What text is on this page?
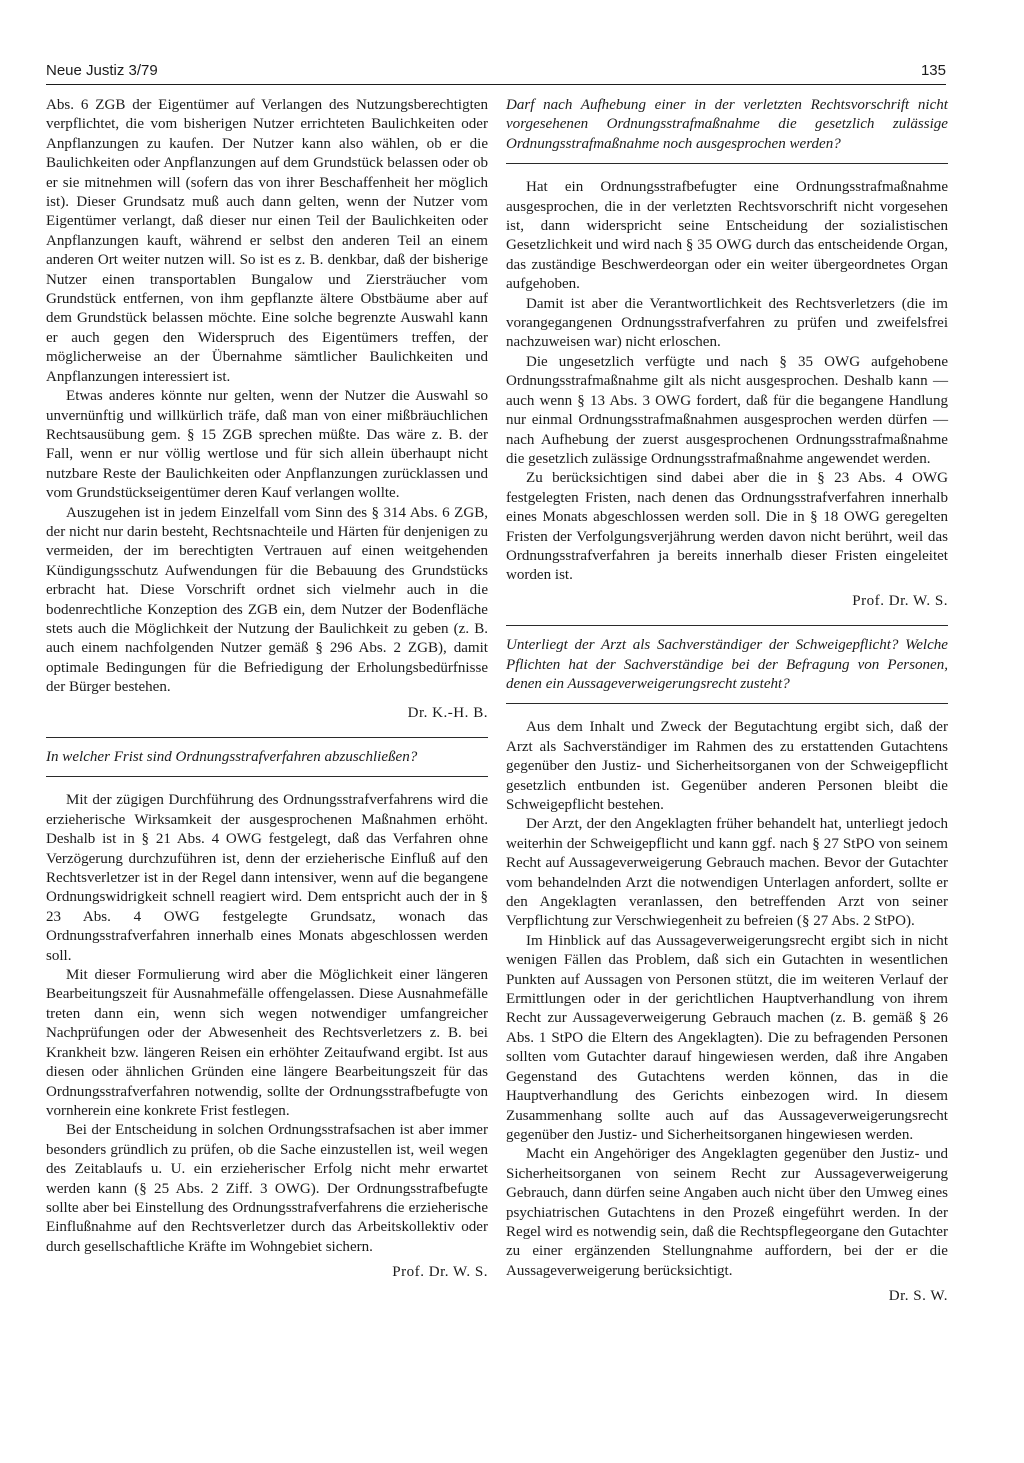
Neue Justiz 3/79	135

Abs. 6 ZGB der Eigentümer auf Verlangen des Nutzungsberechtigten verpflichtet, die vom bisherigen Nutzer errichteten Baulichkeiten oder Anpflanzungen zu kaufen. Der Nutzer kann also wählen, ob er die Baulichkeiten oder Anpflanzungen auf dem Grundstück belassen oder ob er sie mitnehmen will (sofern das von ihrer Beschaffenheit her möglich ist). Dieser Grundsatz muß auch dann gelten, wenn der Nutzer vom Eigentümer verlangt, daß dieser nur einen Teil der Baulichkeiten oder Anpflanzungen kauft, während er selbst den anderen Teil an einem anderen Ort weiter nutzen will. So ist es z. B. denkbar, daß der bisherige Nutzer einen transportablen Bungalow und Ziersträucher vom Grundstück entfernen, von ihm gepflanzte ältere Obstbäume aber auf dem Grundstück belassen möchte. Eine solche begrenzte Auswahl kann er auch gegen den Widerspruch des Eigentümers treffen, der möglicherweise an der Übernahme sämtlicher Baulichkeiten und Anpflanzungen interessiert ist.

Etwas anderes könnte nur gelten, wenn der Nutzer die Auswahl so unvernünftig und willkürlich träfe, daß man von einer mißbräuchlichen Rechtsausübung gem. § 15 ZGB sprechen müßte. Das wäre z. B. der Fall, wenn er nur völlig wertlose und für sich allein überhaupt nicht nutzbare Reste der Baulichkeiten oder Anpflanzungen zurücklassen und vom Grundstückseigentümer deren Kauf verlangen wollte.

Auszugehen ist in jedem Einzelfall vom Sinn des § 314 Abs. 6 ZGB, der nicht nur darin besteht, Rechtsnachteile und Härten für denjenigen zu vermeiden, der im berechtigten Vertrauen auf einen weitgehenden Kündigungsschutz Aufwendungen für die Bebauung des Grundstücks erbracht hat. Diese Vorschrift ordnet sich vielmehr auch in die bodenrechtliche Konzeption des ZGB ein, dem Nutzer der Bodenfläche stets auch die Möglichkeit der Nutzung der Baulichkeit zu geben (z. B. auch einem nachfolgenden Nutzer gemäß § 296 Abs. 2 ZGB), damit optimale Bedingungen für die Befriedigung der Erholungsbedürfnisse der Bürger bestehen.

Dr. K.-H. B.

In welcher Frist sind Ordnungsstrafverfahren abzuschließen?

Mit der zügigen Durchführung des Ordnungsstrafverfahrens wird die erzieherische Wirksamkeit der ausgesprochenen Maßnahmen erhöht. Deshalb ist in § 21 Abs. 4 OWG festgelegt, daß das Verfahren ohne Verzögerung durchzuführen ist, denn der erzieherische Einfluß auf den Rechtsverletzer ist in der Regel dann intensiver, wenn auf die begangene Ordnungswidrigkeit schnell reagiert wird. Dem entspricht auch der in § 23 Abs. 4 OWG festgelegte Grundsatz, wonach das Ordnungsstrafverfahren innerhalb eines Monats abgeschlossen werden soll.

Mit dieser Formulierung wird aber die Möglichkeit einer längeren Bearbeitungszeit für Ausnahmefälle offengelassen. Diese Ausnahmefälle treten dann ein, wenn sich wegen notwendiger umfangreicher Nachprüfungen oder der Abwesenheit des Rechtsverletzers z. B. bei Krankheit bzw. längeren Reisen ein erhöhter Zeitaufwand ergibt. Ist aus diesen oder ähnlichen Gründen eine längere Bearbeitungszeit für das Ordnungsstrafverfahren notwendig, sollte der Ordnungsstrafbefugte von vornherein eine konkrete Frist festlegen.

Bei der Entscheidung in solchen Ordnungsstrafsachen ist aber immer besonders gründlich zu prüfen, ob die Sache einzustellen ist, weil wegen des Zeitablaufs u. U. ein erzieherischer Erfolg nicht mehr erwartet werden kann (§ 25 Abs. 2 Ziff. 3 OWG). Der Ordnungsstrafbefugte sollte aber bei Einstellung des Ordnungsstrafverfahrens die erzieherische Einflußnahme auf den Rechtsverletzer durch das Arbeitskollektiv oder durch gesellschaftliche Kräfte im Wohngebiet sichern.

Prof. Dr. W. S.

Darf nach Aufhebung einer in der verletzten Rechtsvorschrift nicht vorgesehenen Ordnungsstrafmaßnahme die gesetzlich zulässige Ordnungsstrafmaßnahme noch ausgesprochen werden?

Hat ein Ordnungsstrafbefugter eine Ordnungsstrafmaßnahme ausgesprochen, die in der verletzten Rechtsvorschrift nicht vorgesehen ist, dann widerspricht seine Entscheidung der sozialistischen Gesetzlichkeit und wird nach § 35 OWG durch das entscheidende Organ, das zuständige Beschwerdeorgan oder ein weiter übergeordnetes Organ aufgehoben.

Damit ist aber die Verantwortlichkeit des Rechtsverletzers (die im vorangegangenen Ordnungsstrafverfahren zu prüfen und zweifelsfrei nachzuweisen war) nicht erloschen.

Die ungesetzlich verfügte und nach § 35 OWG aufgehobene Ordnungsstrafmaßnahme gilt als nicht ausgesprochen. Deshalb kann — auch wenn § 13 Abs. 3 OWG fordert, daß für die begangene Handlung nur einmal Ordnungsstrafmaßnahmen ausgesprochen werden dürfen — nach Aufhebung der zuerst ausgesprochenen Ordnungsstrafmaßnahme die gesetzlich zulässige Ordnungsstrafmaßnahme angewendet werden.

Zu berücksichtigen sind dabei aber die in § 23 Abs. 4 OWG festgelegten Fristen, nach denen das Ordnungsstrafverfahren innerhalb eines Monats abgeschlossen werden soll. Die in § 18 OWG geregelten Fristen der Verfolgungsverjährung werden davon nicht berührt, weil das Ordnungsstrafverfahren ja bereits innerhalb dieser Fristen eingeleitet worden ist.

Prof. Dr. W. S.

Unterliegt der Arzt als Sachverständiger der Schweigepflicht? Welche Pflichten hat der Sachverständige bei der Befragung von Personen, denen ein Aussageverweigerungsrecht zusteht?

Aus dem Inhalt und Zweck der Begutachtung ergibt sich, daß der Arzt als Sachverständiger im Rahmen des zu erstattenden Gutachtens gegenüber den Justiz- und Sicherheitsorganen von der Schweigepflicht gesetzlich entbunden ist. Gegenüber anderen Personen bleibt die Schweigepflicht bestehen.

Der Arzt, der den Angeklagten früher behandelt hat, unterliegt jedoch weiterhin der Schweigepflicht und kann ggf. nach § 27 StPO von seinem Recht auf Aussageverweigerung Gebrauch machen. Bevor der Gutachter vom behandelnden Arzt die notwendigen Unterlagen anfordert, sollte er den Angeklagten veranlassen, den betreffenden Arzt von seiner Verpflichtung zur Verschwiegenheit zu befreien (§ 27 Abs. 2 StPO).

Im Hinblick auf das Aussageverweigerungsrecht ergibt sich in nicht wenigen Fällen das Problem, daß sich ein Gutachten in wesentlichen Punkten auf Aussagen von Personen stützt, die im weiteren Verlauf der Ermittlungen oder in der gerichtlichen Hauptverhandlung von ihrem Recht zur Aussageverweigerung Gebrauch machen (z. B. gemäß § 26 Abs. 1 StPO die Eltern des Angeklagten). Die zu befragenden Personen sollten vom Gutachter darauf hingewiesen werden, daß ihre Angaben Gegenstand des Gutachtens werden können, das in die Hauptverhandlung des Gerichts einbezogen wird. In diesem Zusammenhang sollte auch auf das Aussageverweigerungsrecht gegenüber den Justiz- und Sicherheitsorganen hingewiesen werden.

Macht ein Angehöriger des Angeklagten gegenüber den Justiz- und Sicherheitsorganen von seinem Recht zur Aussageverweigerung Gebrauch, dann dürfen seine Angaben auch nicht über den Umweg eines psychiatrischen Gutachtens in den Prozeß eingeführt werden. In der Regel wird es notwendig sein, daß die Rechtspflegeorgane den Gutachter zu einer ergänzenden Stellungnahme auffordern, bei der er die Aussageverweigerung berücksichtigt.

Dr. S. W.
